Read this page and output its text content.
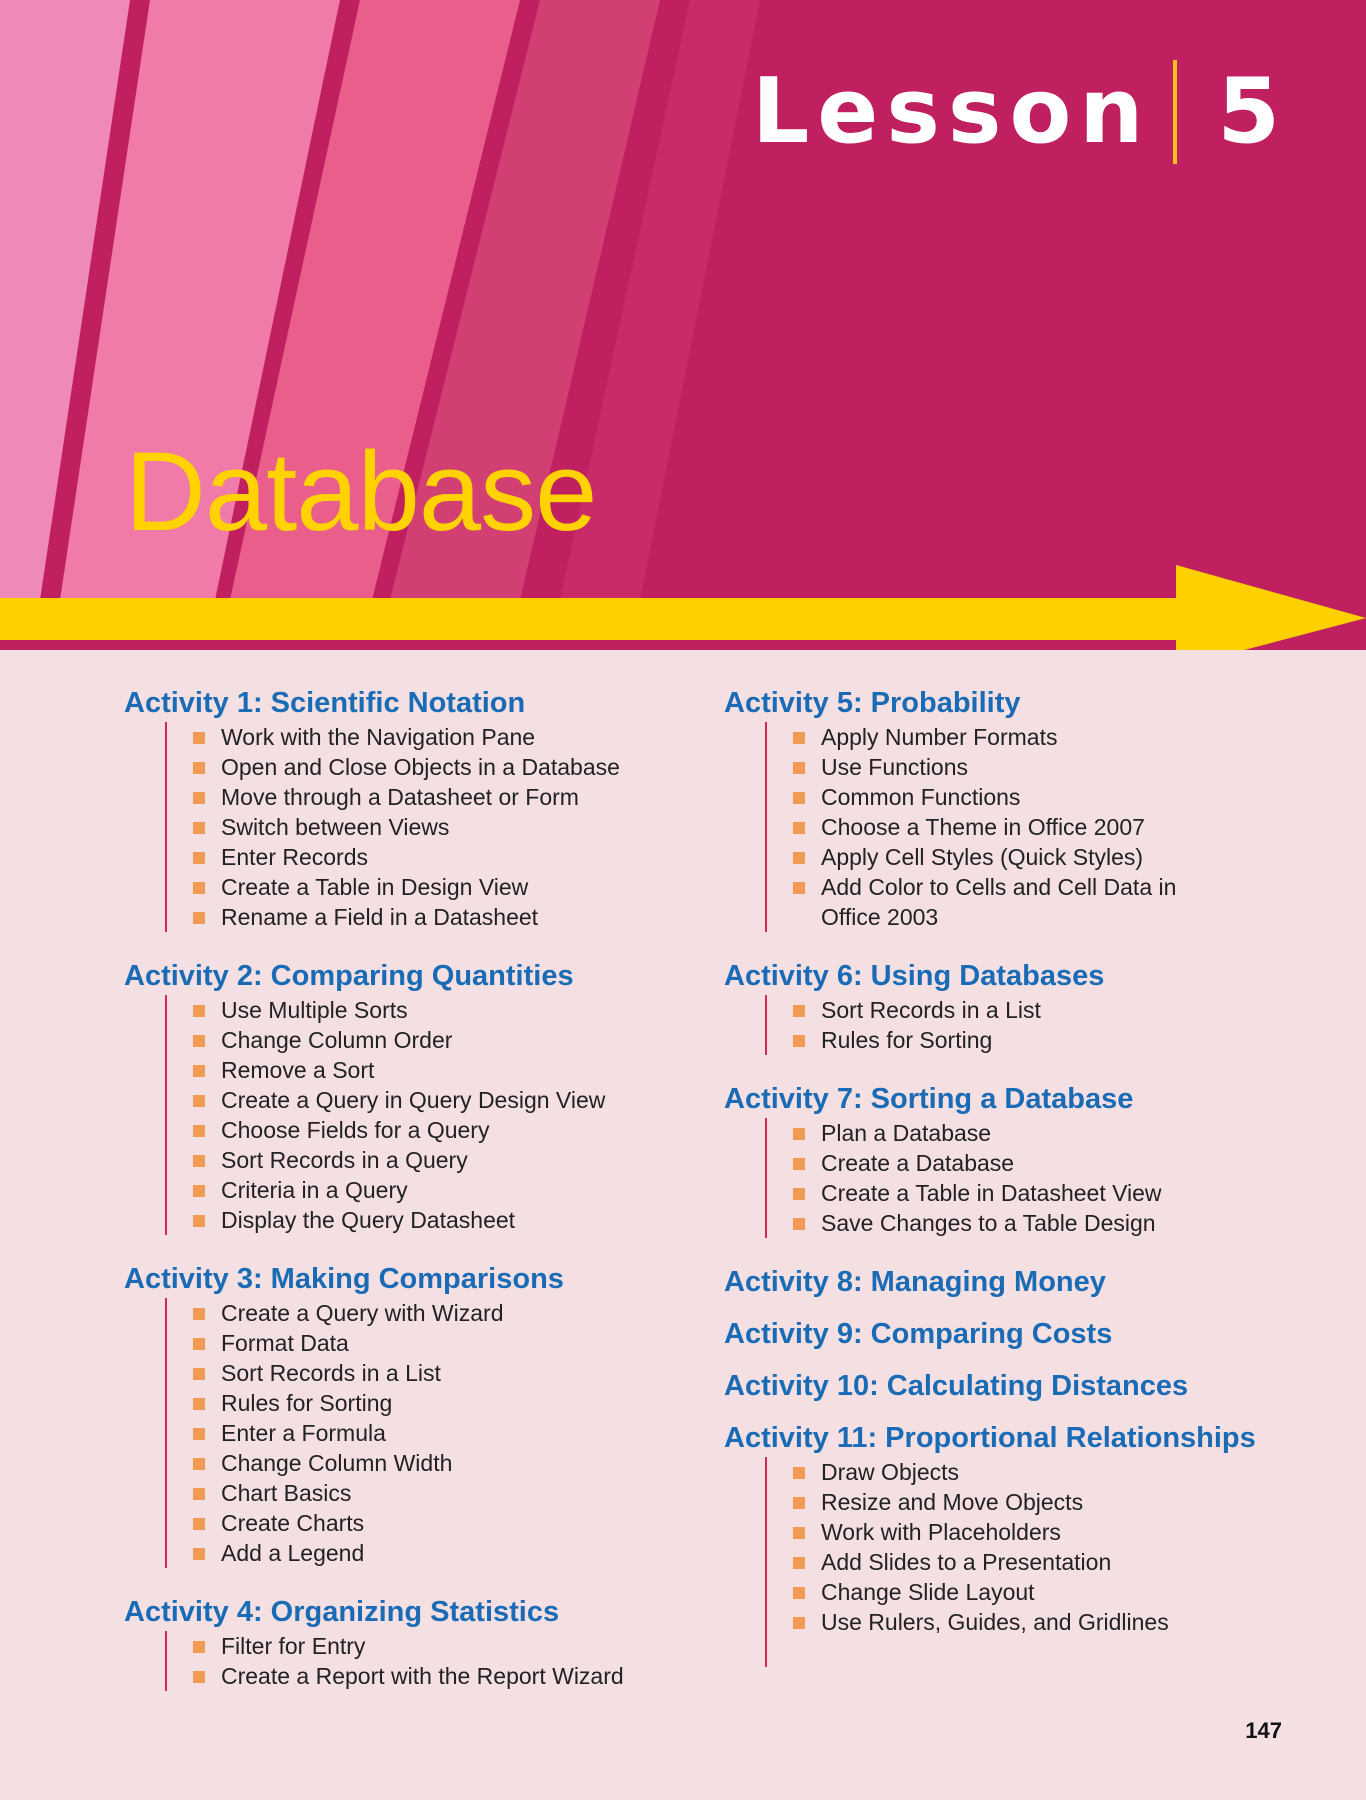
Lesson 5
Database
Activity 1: Scientific Notation
Work with the Navigation Pane
Open and Close Objects in a Database
Move through a Datasheet or Form
Switch between Views
Enter Records
Create a Table in Design View
Rename a Field in a Datasheet
Activity 2: Comparing Quantities
Use Multiple Sorts
Change Column Order
Remove a Sort
Create a Query in Query Design View
Choose Fields for a Query
Sort Records in a Query
Criteria in a Query
Display the Query Datasheet
Activity 3: Making Comparisons
Create a Query with Wizard
Format Data
Sort Records in a List
Rules for Sorting
Enter a Formula
Change Column Width
Chart Basics
Create Charts
Add a Legend
Activity 4: Organizing Statistics
Filter for Entry
Create a Report with the Report Wizard
Activity 5: Probability
Apply Number Formats
Use Functions
Common Functions
Choose a Theme in Office 2007
Apply Cell Styles (Quick Styles)
Add Color to Cells and Cell Data in Office 2003
Activity 6: Using Databases
Sort Records in a List
Rules for Sorting
Activity 7: Sorting a Database
Plan a Database
Create a Database
Create a Table in Datasheet View
Save Changes to a Table Design
Activity 8: Managing Money
Activity 9: Comparing Costs
Activity 10: Calculating Distances
Activity 11: Proportional Relationships
Draw Objects
Resize and Move Objects
Work with Placeholders
Add Slides to a Presentation
Change Slide Layout
Use Rulers, Guides, and Gridlines
147
